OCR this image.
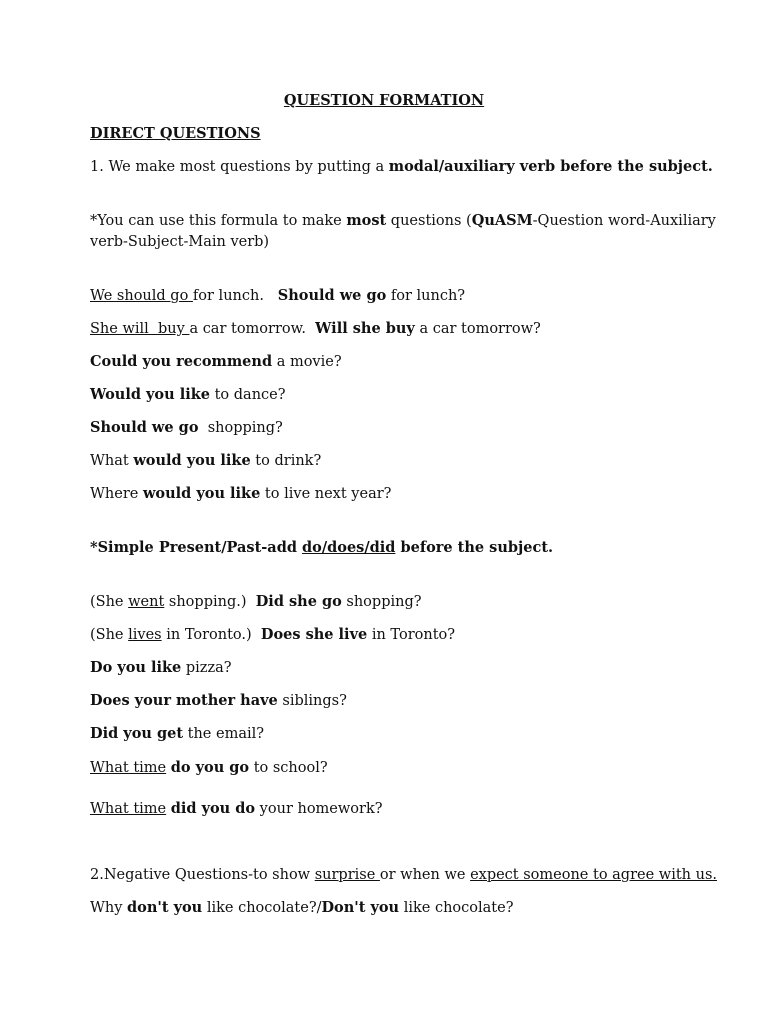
QUESTION FORMATION
DIRECT QUESTIONS
1. We make most questions by putting a modal/auxiliary verb before the subject.
*You can use this formula to make most questions (QuASM-Question word-Auxiliary
verb-Subject-Main verb)
We should go for lunch.   Should we go for lunch?
She will  buy a car tomorrow.  Will she buy a car tomorrow?
Could you recommend a movie?
Would you like to dance?
Should we go  shopping?
What would you like to drink?
Where would you like to live next year?
*Simple Present/Past-add do/does/did before the subject.
(She went shopping.)  Did she go shopping?
(She lives in Toronto.)  Does she live in Toronto?
Do you like pizza?
Does your mother have siblings?
Did you get the email?
What time do you go to school?
What time did you do your homework?
2.Negative Questions-to show surprise or when we expect someone to agree with us.
Why don't you like chocolate?/Don't you like chocolate?
